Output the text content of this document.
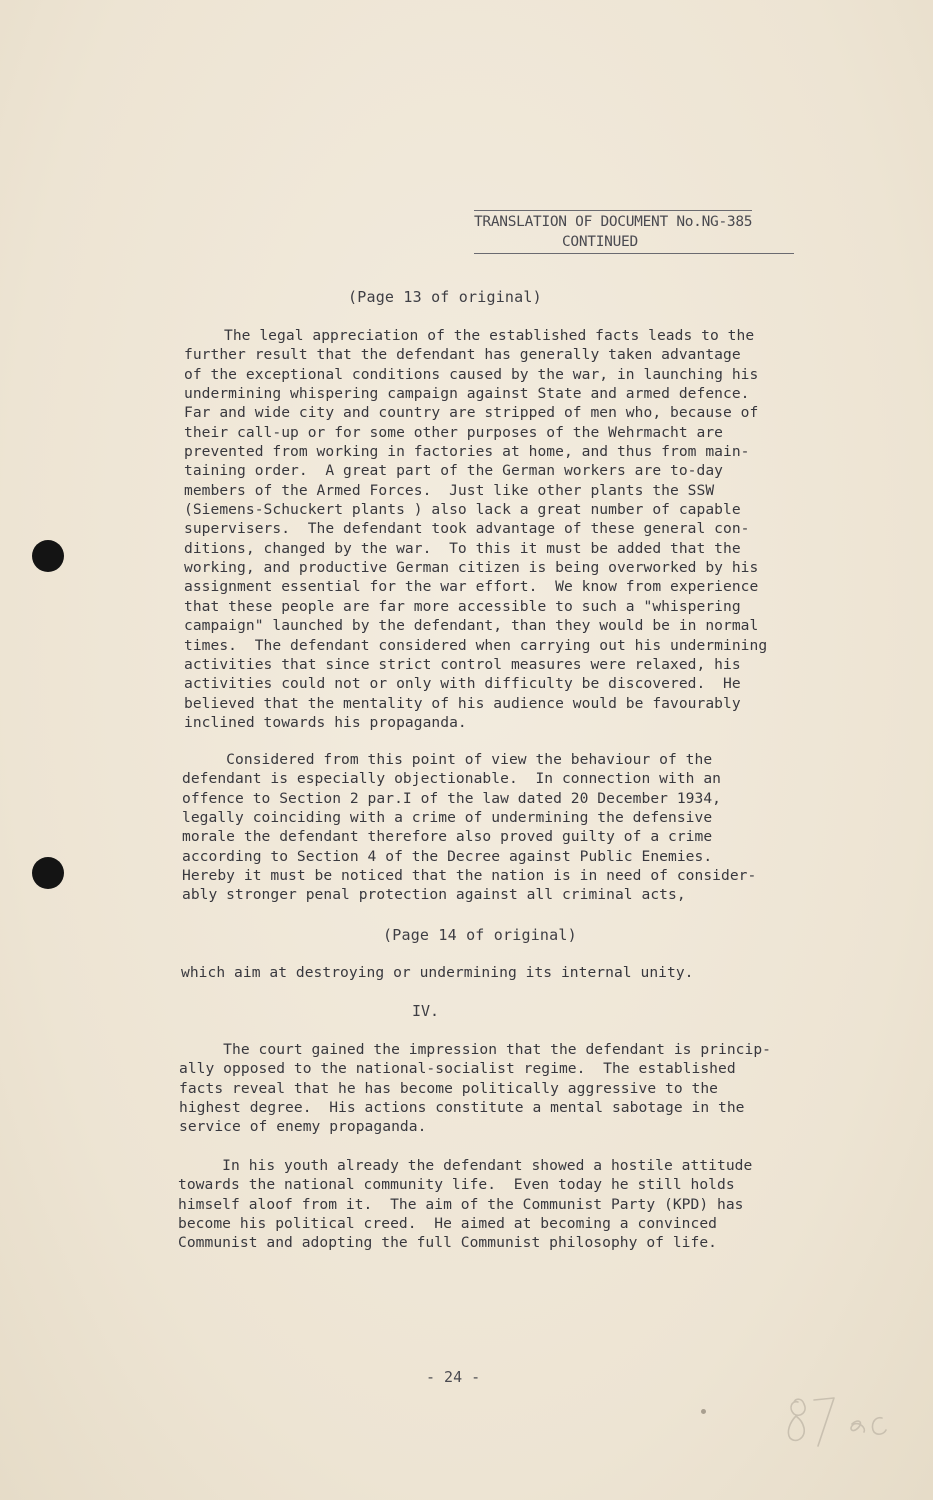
TRANSLATION OF DOCUMENT No.NG-385
CONTINUED
(Page 13 of original)
The legal appreciation of the established facts leads to the
further result that the defendant has generally taken advantage
of the exceptional conditions caused by the war, in launching his
undermining whispering campaign against State and armed defence.
Far and wide city and country are stripped of men who, because of
their call-up or for some other purposes of the Wehrmacht are
prevented from working in factories at home, and thus from main-
taining order.  A great part of the German workers are to-day
members of the Armed Forces.  Just like other plants the SSW
(Siemens-Schuckert plants ) also lack a great number of capable
supervisers.  The defendant took advantage of these general con-
ditions, changed by the war.  To this it must be added that the
working, and productive German citizen is being overworked by his
assignment essential for the war effort.  We know from experience
that these people are far more accessible to such a "whispering
campaign" launched by the defendant, than they would be in normal
times.  The defendant considered when carrying out his undermining
activities that since strict control measures were relaxed, his
activities could not or only with difficulty be discovered.  He
believed that the mentality of his audience would be favourably
inclined towards his propaganda.
Considered from this point of view the behaviour of the
defendant is especially objectionable.  In connection with an
offence to Section 2 par.I of the law dated 20 December 1934,
legally coinciding with a crime of undermining the defensive
morale the defendant therefore also proved guilty of a crime
according to Section 4 of the Decree against Public Enemies.
Hereby it must be noticed that the nation is in need of consider-
ably stronger penal protection against all criminal acts,
(Page 14 of original)
which aim at destroying or undermining its internal unity.
IV.
The court gained the impression that the defendant is princip-
ally opposed to the national-socialist regime.  The established
facts reveal that he has become politically aggressive to the
highest degree.  His actions constitute a mental sabotage in the
service of enemy propaganda.
In his youth already the defendant showed a hostile attitude
towards the national community life.  Even today he still holds
himself aloof from it.  The aim of the Communist Party (KPD) has
become his political creed.  He aimed at becoming a convinced
Communist and adopting the full Communist philosophy of life.
- 24 -
